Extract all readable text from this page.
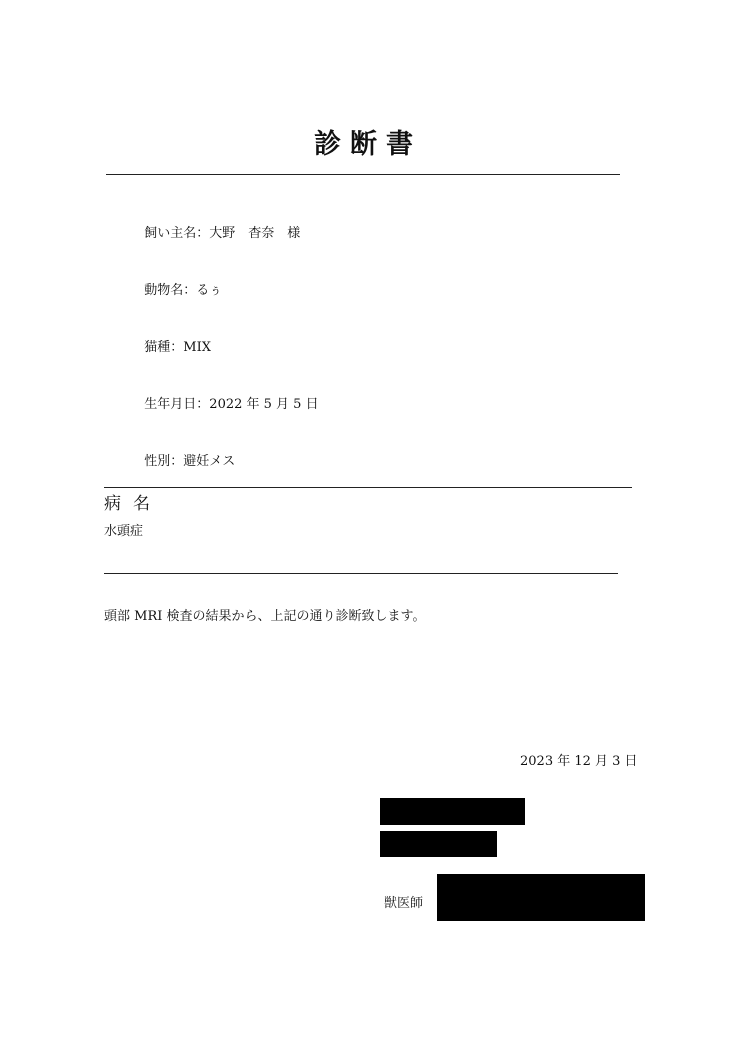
診断書

飼い主名：大野　杳奈　様

動物名：るぅ

猫種：MIX

生年月日：2022 年 5 月 5 日

性別：避妊メス

病名
水頭症
頭部 MRI 検査の結果から、上記の通り診断致します。
2023 年 12 月 3 日
獣医師
